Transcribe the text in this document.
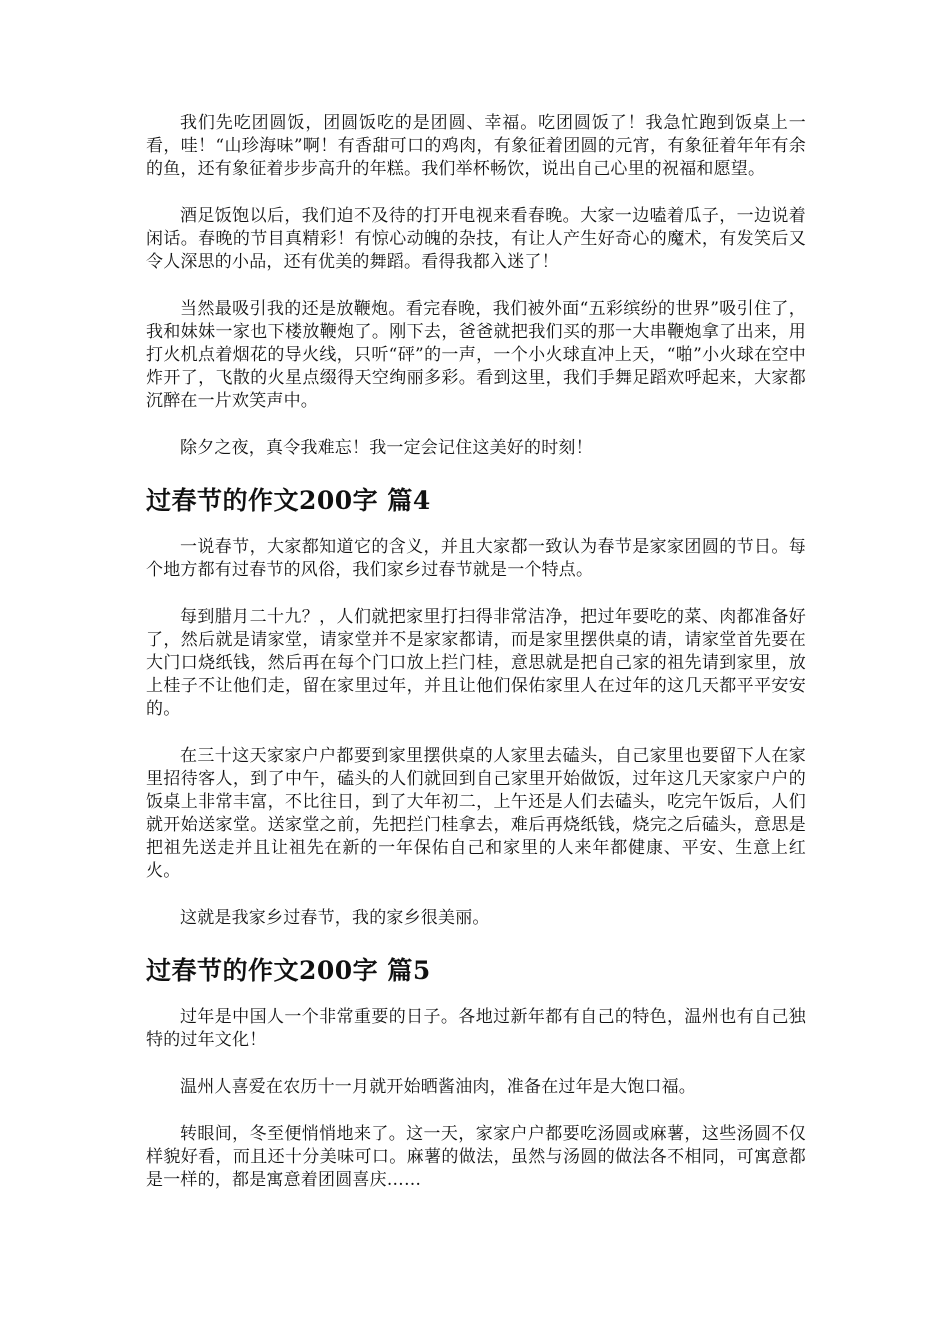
我们先吃团圆饭，团圆饭吃的是团圆、幸福。吃团圆饭了！我急忙跑到饭桌上一看，哇！“山珍海味”啊！有香甜可口的鸡肉，有象征着团圆的元宵，有象征着年年有余的鱼，还有象征着步步高升的年糕。我们举杯畅饮，说出自己心里的祝福和愿望。

酒足饭饱以后，我们迫不及待的打开电视来看春晚。大家一边嗑着瓜子，一边说着闲话。春晚的节目真精彩！有惊心动魄的杂技，有让人产生好奇心的魔术，有发笑后又令人深思的小品，还有优美的舞蹈。看得我都入迷了！

当然最吸引我的还是放鞭炮。看完春晚，我们被外面“五彩缤纷的世界”吸引住了，我和妹妹一家也下楼放鞭炮了。刚下去，爸爸就把我们买的那一大串鞭炮拿了出来，用打火机点着烟花的导火线，只听“砰”的一声，一个小火球直冲上天，“啪”小火球在空中炸开了，飞散的火星点缀得天空绚丽多彩。看到这里，我们手舞足蹈欢呼起来，大家都沉醉在一片欢笑声中。

除夕之夜，真令我难忘！我一定会记住这美好的时刻！

过春节的作文200字 篇4

一说春节，大家都知道它的含义，并且大家都一致认为春节是家家团圆的节日。每个地方都有过春节的风俗，我们家乡过春节就是一个特点。

每到腊月二十九？，人们就把家里打扫得非常洁净，把过年要吃的菜、肉都准备好了，然后就是请家堂，请家堂并不是家家都请，而是家里摆供桌的请，请家堂首先要在大门口烧纸钱，然后再在每个门口放上拦门桂，意思就是把自己家的祖先请到家里，放上桂子不让他们走，留在家里过年，并且让他们保佑家里人在过年的这几天都平平安安的。

在三十这天家家户户都要到家里摆供桌的人家里去磕头，自己家里也要留下人在家里招待客人，到了中午，磕头的人们就回到自己家里开始做饭，过年这几天家家户户的饭桌上非常丰富，不比往日，到了大年初二，上午还是人们去磕头，吃完午饭后，人们就开始送家堂。送家堂之前，先把拦门桂拿去，难后再烧纸钱，烧完之后磕头，意思是把祖先送走并且让祖先在新的一年保佑自己和家里的人来年都健康、平安、生意上红火。

这就是我家乡过春节，我的家乡很美丽。

过春节的作文200字 篇5

过年是中国人一个非常重要的日子。各地过新年都有自己的特色，温州也有自己独特的过年文化！

温州人喜爱在农历十一月就开始晒酱油肉，准备在过年是大饱口福。

转眼间，冬至便悄悄地来了。这一天，家家户户都要吃汤圆或麻薯，这些汤圆不仅样貌好看，而且还十分美味可口。麻薯的做法，虽然与汤圆的做法各不相同，可寓意都是一样的，都是寓意着团圆喜庆……
